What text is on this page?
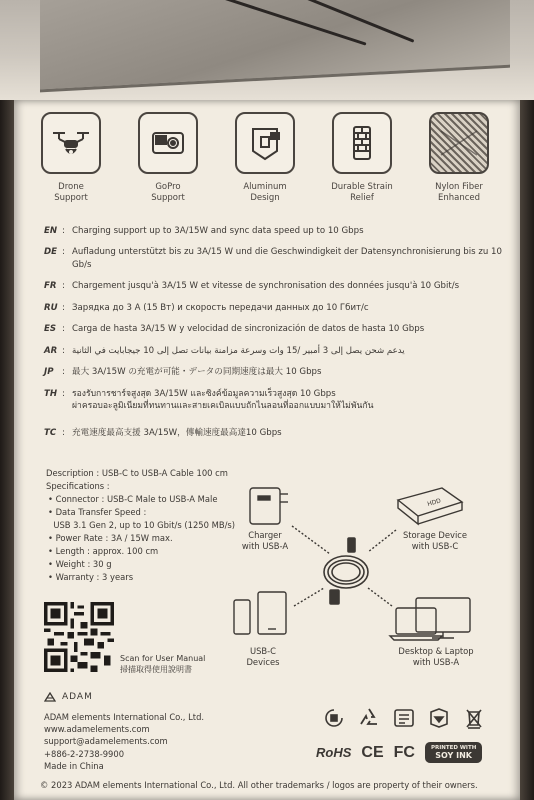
Drone
Support
GoPro
Support
Aluminum
Design
Durable Strain
Relief
Nylon Fiber
Enhanced
EN : Charging support up to 3A/15W and sync data speed up to 10 Gbps
DE : Aufladung unterstützt bis zu 3A/15 W und die Geschwindigkeit der Datensynchronisierung bis zu 10 Gb/s
FR : Chargement jusqu'à 3A/15 W et vitesse de synchronisation des données jusqu'à 10 Gbit/s
RU : Зарядка до 3 А (15 Вт) и скорость передачи данных до 10 Гбит/с
ES : Carga de hasta 3A/15 W y velocidad de sincronización de datos de hasta 10 Gbps
AR : يدعم شحن يصل إلى 3 أمبير /15 وات وسرعة مزامنة بيانات تصل إلى 10 جيجابايت في الثانية
JP : 最大 3A/15W の充電が可能・データの同期速度は最大 10 Gbps
TH : รองรับการชาร์จสูงสุด 3A/15W และซิงค์ข้อมูลความเร็วสูงสุด 10 Gbps
ผ่าครอบอะลูมิเนียมที่ทนทานและสายเคเบิลแบบถักไนลอนที่ออกแบบมาให้ไม่พันกัน
TC : 充電速度最高支援 3A/15W，傳輸速度最高達10 Gbps
Description : USB-C to USB-A Cable 100 cm
Specifications :
• Connector : USB-C Male to USB-A Male
• Data Transfer Speed :
USB 3.1 Gen 2, up to 10 Gbit/s (1250 MB/s)
• Power Rate : 3A / 15W max.
• Length : approx. 100 cm
• Weight : 30 g
• Warranty : 3 years
HDD
Charger
with USB-A
Storage Device
with USB-C
USB-C
Devices
Desktop & Laptop
with USB-A
Scan for User Manual
掃描取得使用說明書
ADAM
ADAM elements International Co., Ltd.
www.adamelements.com
support@adamelements.com
+886-2-2738-9900
Made in China
RoHS CE FC	PRINTED WITH
SOY INK
© 2023 ADAM elements International Co., Ltd. All other trademarks / logos are property of their owners.
